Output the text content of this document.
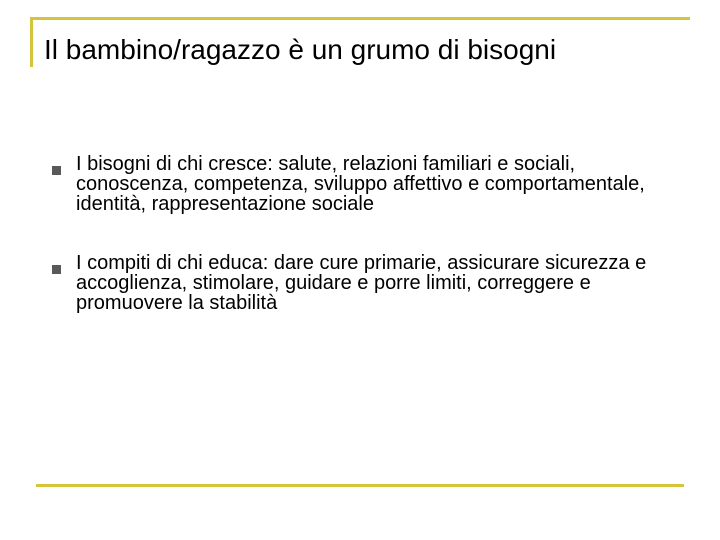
Il bambino/ragazzo è un grumo di bisogni
I bisogni di chi cresce: salute, relazioni familiari e sociali, conoscenza, competenza, sviluppo affettivo e comportamentale, identità, rappresentazione sociale
I compiti di chi educa: dare cure primarie, assicurare sicurezza e accoglienza, stimolare, guidare e porre limiti, correggere e promuovere la stabilità
